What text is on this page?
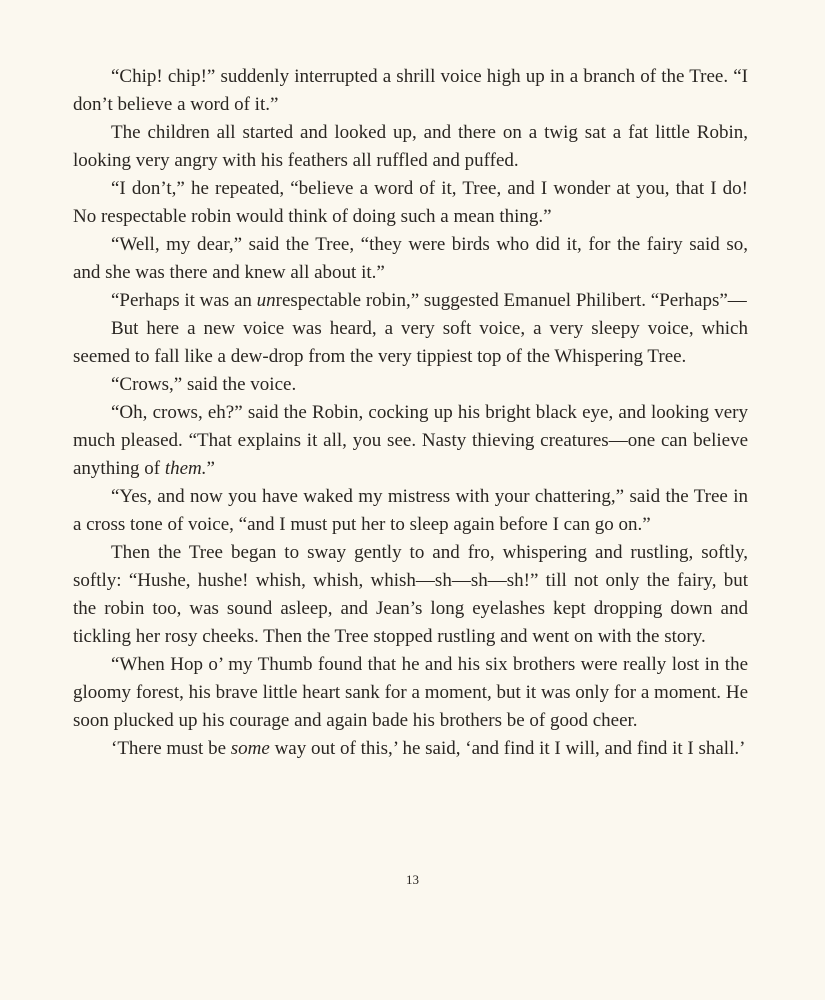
“Chip! chip!” suddenly interrupted a shrill voice high up in a branch of the Tree. “I don’t believe a word of it.”

The children all started and looked up, and there on a twig sat a fat little Robin, looking very angry with his feathers all ruffled and puffed.

“I don’t,” he repeated, “believe a word of it, Tree, and I wonder at you, that I do! No respectable robin would think of doing such a mean thing.”

“Well, my dear,” said the Tree, “they were birds who did it, for the fairy said so, and she was there and knew all about it.”

“Perhaps it was an unrespectable robin,” suggested Emanuel Philibert. “Perhaps”—

But here a new voice was heard, a very soft voice, a very sleepy voice, which seemed to fall like a dew-drop from the very tippiest top of the Whispering Tree.

“Crows,” said the voice.

“Oh, crows, eh?” said the Robin, cocking up his bright black eye, and looking very much pleased. “That explains it all, you see. Nasty thieving creatures—one can believe anything of them.”

“Yes, and now you have waked my mistress with your chattering,” said the Tree in a cross tone of voice, “and I must put her to sleep again before I can go on.”

Then the Tree began to sway gently to and fro, whispering and rustling, softly, softly: “Hushe, hushe! whish, whish, whish—sh—sh—sh!” till not only the fairy, but the robin too, was sound asleep, and Jean’s long eyelashes kept dropping down and tickling her rosy cheeks. Then the Tree stopped rustling and went on with the story.

“When Hop o’ my Thumb found that he and his six brothers were really lost in the gloomy forest, his brave little heart sank for a moment, but it was only for a moment. He soon plucked up his courage and again bade his brothers be of good cheer.

‘There must be some way out of this,’ he said, ‘and find it I will, and find it I shall.’

13
